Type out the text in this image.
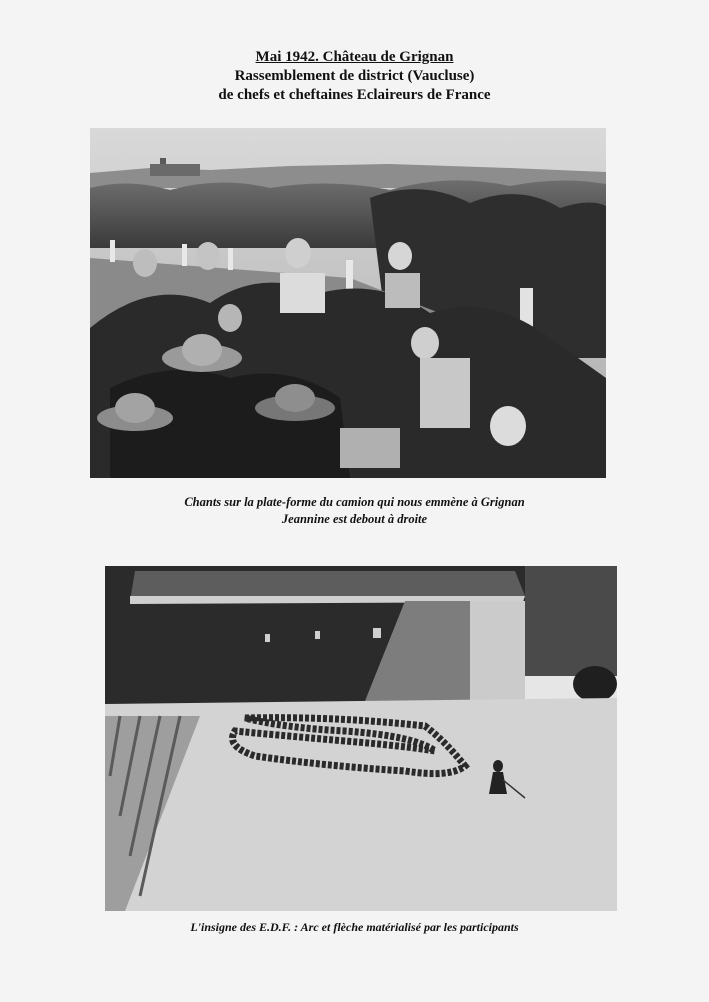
Mai 1942. Château de Grignan
Rassemblement de district (Vaucluse)
de chefs et cheftaines Eclaireurs de France
Chants sur la plate-forme du camion qui nous emmène à Grignan
Jeannine est debout à droite
L'insigne des E.D.F. : Arc et flèche matérialisé par les participants
